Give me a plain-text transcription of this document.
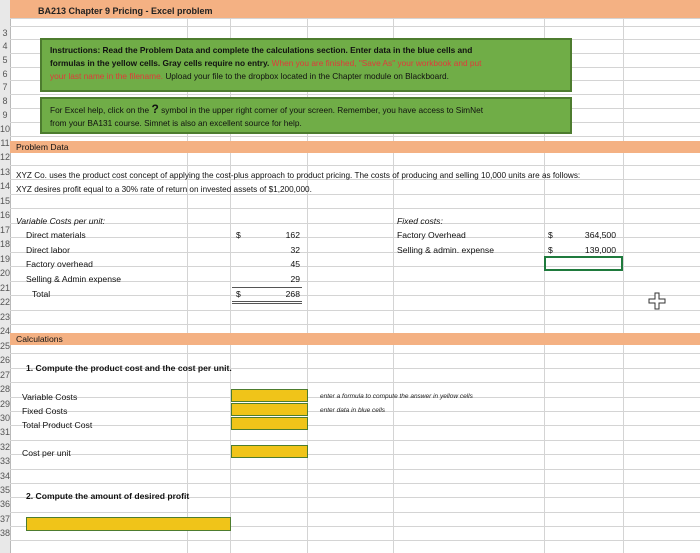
3
4
5
6
7
8
9
10
11
12
13
14
15
16
17
18
19
20
21
22
23
24
25
26
27
28
29
30
31
32
33
34
35
36
37
38
BA213 Chapter 9 Pricing - Excel problem
Instructions: Read the Problem Data and complete the calculations section. Enter data in the blue cells and
formulas in the yellow cells. Gray cells require no entry. When you are finished, "Save As" your workbook and put
your last name in the filename. Upload your file to the dropbox located in the Chapter module on Blackboard.
For Excel help, click on the ? symbol in the upper right corner of your screen. Remember, you have access to SimNet
from your BA131 course. Simnet is also an excellent source for help.
Problem Data
XYZ Co. uses the product cost concept of applying the cost-plus approach to product pricing. The costs of producing and selling 10,000 units are as follows:
XYZ desires profit equal to a 30% rate of return on invested assets of $1,200,000.
Variable Costs per unit:	Fixed costs:
Direct materials	$	162
Direct labor	32
Factory overhead	45
Selling & Admin expense	29
Total	$	268
Factory Overhead	$	364,500
Selling & admin. expense	$	139,000
Calculations
1. Compute the product cost and the cost per unit.
Variable Costs
Fixed Costs
Total Product Cost
enter a formula to compute the answer in yellow cells
enter data in blue cells
Cost per unit
2. Compute the amount of desired profit
